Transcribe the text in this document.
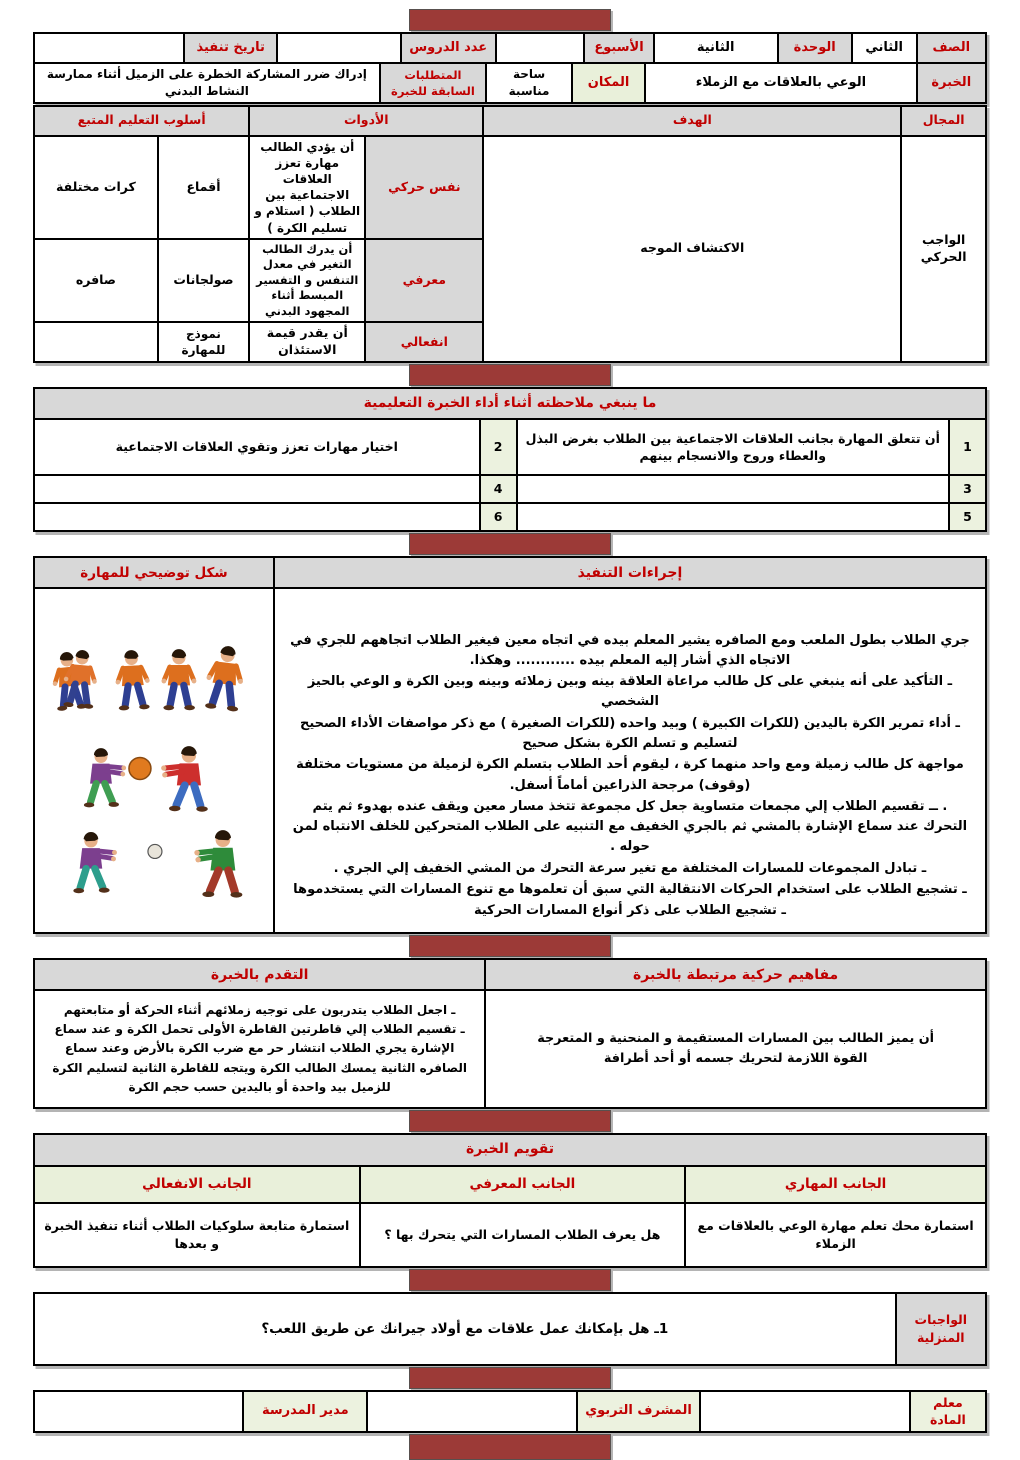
الصف
الثاني
الوحدة
الثانية
الأسبوع
عدد الدروس
تاريخ تنفيذ
الخبرة
الوعي بالعلاقات مع الزملاء
المكان
ساحة مناسبة
المتطلبات السابقة للخبرة
إدراك ضرر المشاركة الخطرة على الزميل أثناء ممارسة النشاط البدني
المجال
الهدف
الأدوات
أسلوب التعليم المتبع
نفس حركي
أن يؤدي الطالب مهارة تعزز العلاقات الاجتماعية بين الطلاب ( استلام و تسليم الكرة )
أقماع
كرات مختلفة
الواجب الحركي
الاكتشاف الموجه
معرفي
أن يدرك الطالب التغير في معدل التنفس و التفسير المبسط أثناء المجهود البدني
صولجانات
صافره
انفعالي
أن يقدر قيمة الاستئذان
نموذج للمهارة
ما ينبغي ملاحظته أثناء أداء الخبرة التعليمية
1
أن تتعلق المهارة بجانب العلاقات الاجتماعية بين الطلاب بغرض البذل والعطاء وروح والانسجام بينهم
2
اختيار مهارات تعزز وتقوي العلاقات الاجتماعية
3
4
5
6
إجراءات التنفيذ
جري الطلاب بطول الملعب ومع الصافره يشير المعلم بيده في اتجاه معين فيغير الطلاب اتجاههم للجري في الاتجاه الذي أشار إليه المعلم بيده ............ وهكذا.
ـ التأكيد على أنه ينبغي على كل طالب مراعاة العلاقة بينه وبين زملائه وبينه وبين الكرة و الوعي بالحيز الشخصي
ـ أداء تمرير الكرة باليدين (للكرات الكبيرة ) وبيد واحده (للكرات الصغيرة ) مع ذكر مواصفات الأداء الصحيح لتسليم و تسلم الكرة بشكل صحيح
مواجهة كل طالب زميلة ومع واحد منهما كرة ، ليقوم أحد الطلاب بتسلم الكرة لزميلة من مستويات مختلفة
(وقوف) مرجحة الذراعين أماماً أسفل.
. ــ تقسيم الطلاب إلي مجمعات متساوية جعل كل مجموعة تتخذ مسار معين ويقف عنده بهدوء ثم يتم التحرك عند سماع الإشارة بالمشي ثم بالجري الخفيف مع التنبيه على الطلاب المتحركين للخلف الانتباه لمن حوله .
ـ تبادل المجموعات للمسارات المختلفة مع تغير سرعة التحرك من المشي الخفيف إلي الجري .
ـ تشجيع الطلاب على استخدام الحركات الانتقالية التي سبق أن تعلموها مع تنوع المسارات التي يستخدموها
ـ تشجيع الطلاب على ذكر أنواع المسارات الحركية
شكل توضيحي للمهارة
مفاهيم حركية مرتبطة بالخبرة
أن يميز الطالب بين المسارات المستقيمة و المنحنية و المتعرجة
القوة اللازمة لتحريك جسمه أو أحد أطرافة
التقدم بالخبرة
ـ اجعل الطلاب يتدربون على توجيه زملائهم أثناء الحركة أو متابعتهم
ـ تقسيم الطلاب إلي قاطرتين القاطرة الأولى تحمل الكرة و عند سماع الإشارة يجري الطلاب انتشار حر مع ضرب الكرة بالأرض وعند سماع الصافره الثانية يمسك الطالب الكرة ويتجه للقاطرة الثانية لتسليم الكرة للزميل بيد واحدة أو باليدين حسب حجم الكرة
تقويم الخبرة
الجانب المهاري
الجانب المعرفي
الجانب الانفعالي
استمارة محك تعلم مهارة الوعي بالعلاقات مع الزملاء
هل يعرف الطلاب المسارات التي يتحرك بها ؟
استمارة متابعة سلوكيات الطلاب أثناء تنفيذ الخبرة و بعدها
الواجبات المنزلية
1ـ هل بإمكانك عمل علاقات مع أولاد جيرانك عن طريق اللعب؟
معلم المادة
المشرف التربوي
مدير المدرسة
